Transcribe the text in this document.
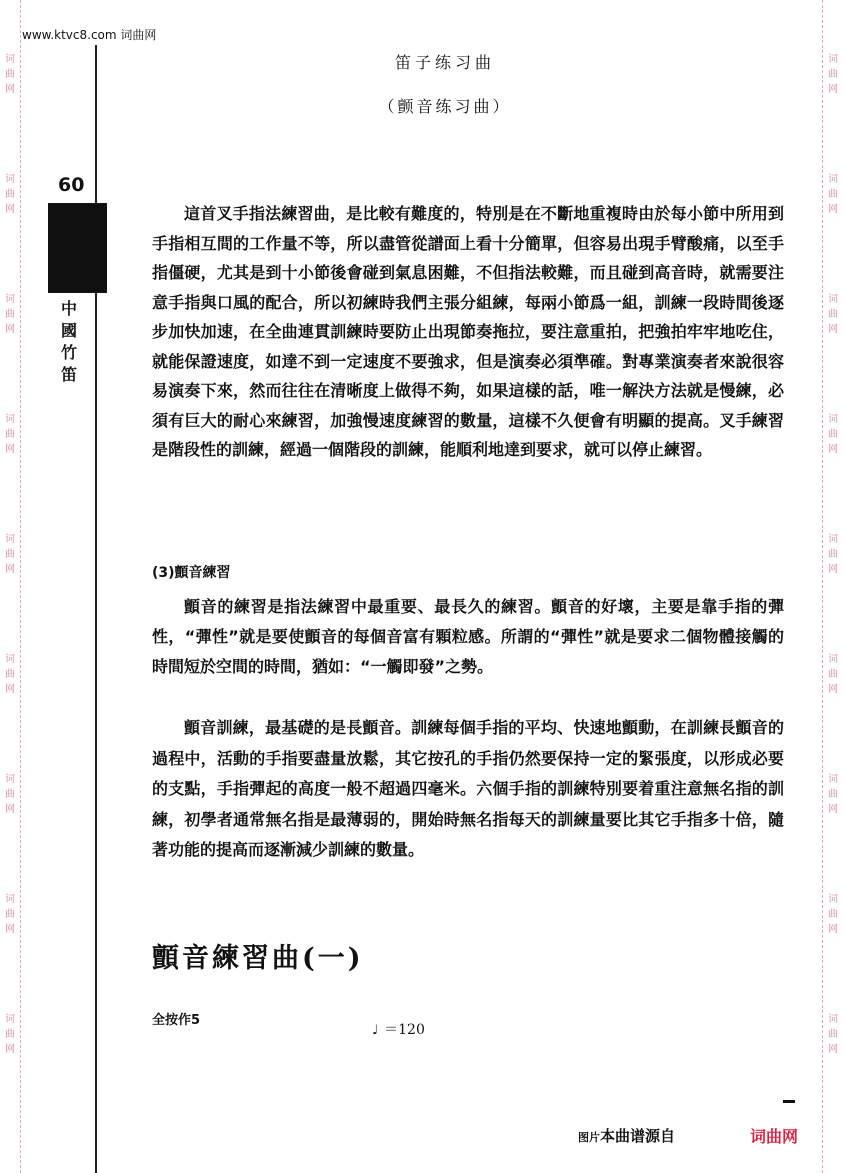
词
曲
网
词
曲
网
词
曲
网
词
曲
网
词
曲
网
词
曲
网
词
曲
网
词
曲
网
词
曲
网
词
曲
网
词
曲
网
词
曲
网
词
曲
网
词
曲
网
词
曲
网
词
曲
网
词
曲
网
词
曲
网
www.ktvc8.com 词曲网
60
中
國
竹
笛
笛子练习曲
（颤音练习曲）
這首叉手指法練習曲，是比較有難度的，特別是在不斷地重複時由於每小節中所用到手指相互間的工作量不等，所以盡管從譜面上看十分簡單，但容易出現手臂酸痛，以至手指僵硬，尤其是到十小節後會碰到氣息困難，不但指法較難，而且碰到高音時，就需要注意手指與口風的配合，所以初練時我們主張分組練，每兩小節爲一組，訓練一段時間後逐步加快加速，在全曲連貫訓練時要防止出現節奏拖拉，要注意重拍，把強拍牢牢地吃住，就能保證速度，如達不到一定速度不要強求，但是演奏必須準確。對專業演奏者來說很容易演奏下來，然而往往在清晰度上做得不夠，如果這樣的話，唯一解決方法就是慢練，必須有巨大的耐心來練習，加強慢速度練習的數量，這樣不久便會有明顯的提高。叉手練習是階段性的訓練，經過一個階段的訓練，能順利地達到要求，就可以停止練習。
(3)顫音練習
顫音的練習是指法練習中最重要、最長久的練習。顫音的好壞，主要是靠手指的彈性，“彈性”就是要使顫音的每個音富有顆粒感。所謂的“彈性”就是要求二個物體接觸的時間短於空間的時間，猶如：“一觸即發”之勢。
顫音訓練，最基礎的是長顫音。訓練每個手指的平均、快速地顫動，在訓練長顫音的過程中，活動的手指要盡量放鬆，其它按孔的手指仍然要保持一定的緊張度，以形成必要的支點，手指彈起的高度一般不超過四毫米。六個手指的訓練特別要着重注意無名指的訓練，初學者通常無名指是最薄弱的，開始時無名指每天的訓練量要比其它手指多十倍，隨著功能的提高而逐漸減少訓練的數量。
顫音練習曲(一)
全按作5
♩ ＝120
图片本曲谱源自	词曲网
